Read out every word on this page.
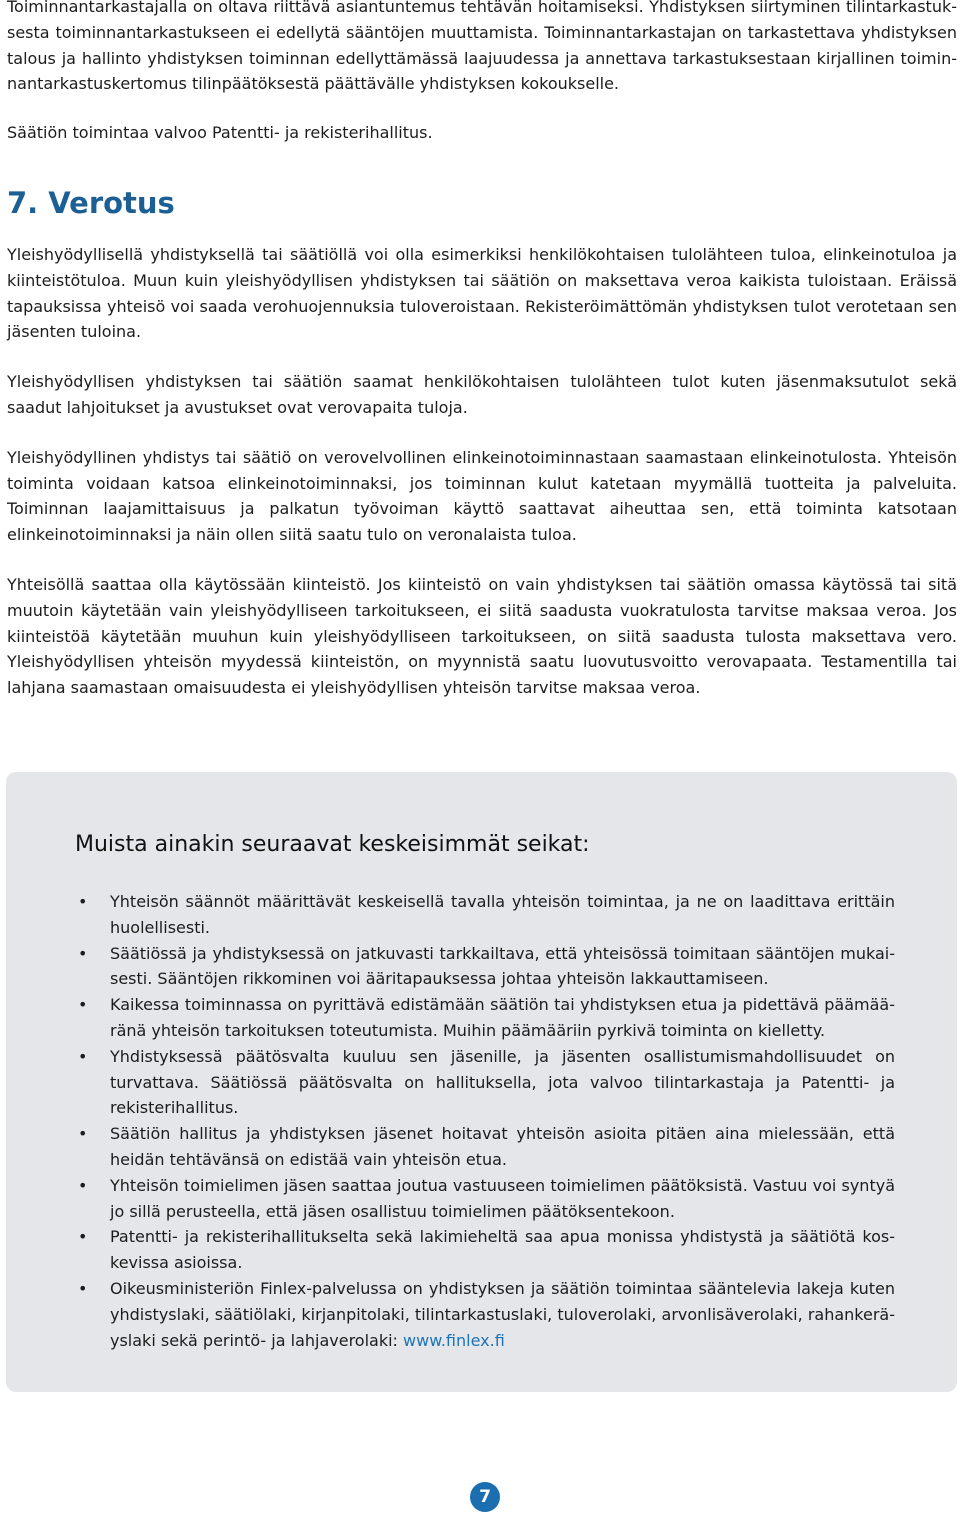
Toiminnantarkastajalla on oltava riittävä asiantuntemus tehtävän hoitamiseksi. Yhdistyksen siirtyminen tilintarkastuksesta toiminnantarkastukseen ei edellytä sääntöjen muuttamista. Toiminnantarkastajan on tarkastettava yhdistyksen talous ja hallinto yhdistyksen toiminnan edellyttämässä laajuudessa ja annettava tarkastuksestaan kirjallinen toiminnantarkastuskertomus tilinpäätöksestä päättävälle yhdistyksen kokoukselle.

Säätiön toimintaa valvoo Patentti- ja rekisterihallitus.

7. Verotus

Yleishyödyllisellä yhdistyksellä tai säätiöllä voi olla esimerkiksi henkilökohtaisen tulolähteen tuloa, elinkeinotuloa ja kiinteistötuloa. Muun kuin yleishyödyllisen yhdistyksen tai säätiön on maksettava veroa kaikista tuloistaan. Eräissä tapauksissa yhteisö voi saada verohuojennuksia tuloveroistaan. Rekisteröimättömän yhdistyksen tulot verotetaan sen jäsenten tuloina.

Yleishyödyllisen yhdistyksen tai säätiön saamat henkilökohtaisen tulolähteen tulot kuten jäsenmaksutulot sekä saadut lahjoitukset ja avustukset ovat verovapaita tuloja.

Yleishyödyllinen yhdistys tai säätiö on verovelvollinen elinkeinotoiminnastaan saamastaan elinkeinotulosta. Yhteisön toiminta voidaan katsoa elinkeinotoiminnaksi, jos toiminnan kulut katetaan myymällä tuotteita ja palveluita. Toiminnan laajamittaisuus ja palkatun työvoiman käyttö saattavat aiheuttaa sen, että toiminta katsotaan elinkeinotoiminnaksi ja näin ollen siitä saatu tulo on veronalaista tuloa.

Yhteisöllä saattaa olla käytössään kiinteistö. Jos kiinteistö on vain yhdistyksen tai säätiön omassa käytössä tai sitä muutoin käytetään vain yleishyödylliseen tarkoitukseen, ei siitä saadusta vuokratulosta tarvitse maksaa veroa. Jos kiinteistöä käytetään muuhun kuin yleishyödylliseen tarkoitukseen, on siitä saadusta tulosta maksettava vero. Yleishyödyllisen yhteisön myydessä kiinteistön, on myynnistä saatu luovutusvoitto verovapaata. Testamentilla tai lahjana saamastaan omaisuudesta ei yleishyödyllisen yhteisön tarvitse maksaa veroa.

Muista ainakin seuraavat keskeisimmät seikat:
• Yhteisön säännöt määrittävät keskeisellä tavalla yhteisön toimintaa, ja ne on laadittava erittäin huolellisesti.
• Säätiössä ja yhdistyksessä on jatkuvasti tarkkailtava, että yhteisössä toimitaan sääntöjen mukaisesti. Sääntöjen rikkominen voi ääritapauksessa johtaa yhteisön lakkauttamiseen.
• Kaikessa toiminnassa on pyrittävä edistämään säätiön tai yhdistyksen etua ja pidettävä päämääränä yhteisön tarkoituksen toteutumista. Muihin päämääriin pyrkivä toiminta on kielletty.
• Yhdistyksessä päätösvalta kuuluu sen jäsenille, ja jäsenten osallistumismahdollisuudet on turvattava. Säätiössä päätösvalta on hallituksella, jota valvoo tilintarkastaja ja Patentti- ja rekisterihallitus.
• Säätiön hallitus ja yhdistyksen jäsenet hoitavat yhteisön asioita pitäen aina mielessään, että heidän tehtävänsä on edistää vain yhteisön etua.
• Yhteisön toimielimen jäsen saattaa joutua vastuuseen toimielimen päätöksistä. Vastuu voi syntyä jo sillä perusteella, että jäsen osallistuu toimielimen päätöksentekoon.
• Patentti- ja rekisterihallitukselta sekä lakimieheltä saa apua monissa yhdistystä ja säätiötä koskevissa asioissa.
• Oikeusministeriön Finlex-palvelussa on yhdistyksen ja säätiön toimintaa sääntelevia lakeja kuten yhdistyslaki, säätiölaki, kirjanpitolaki, tilintarkastuslaki, tuloverolaki, arvonlisäverolaki, rahankeräyslaki sekä perintö- ja lahjaverolaki: www.finlex.fi
7
